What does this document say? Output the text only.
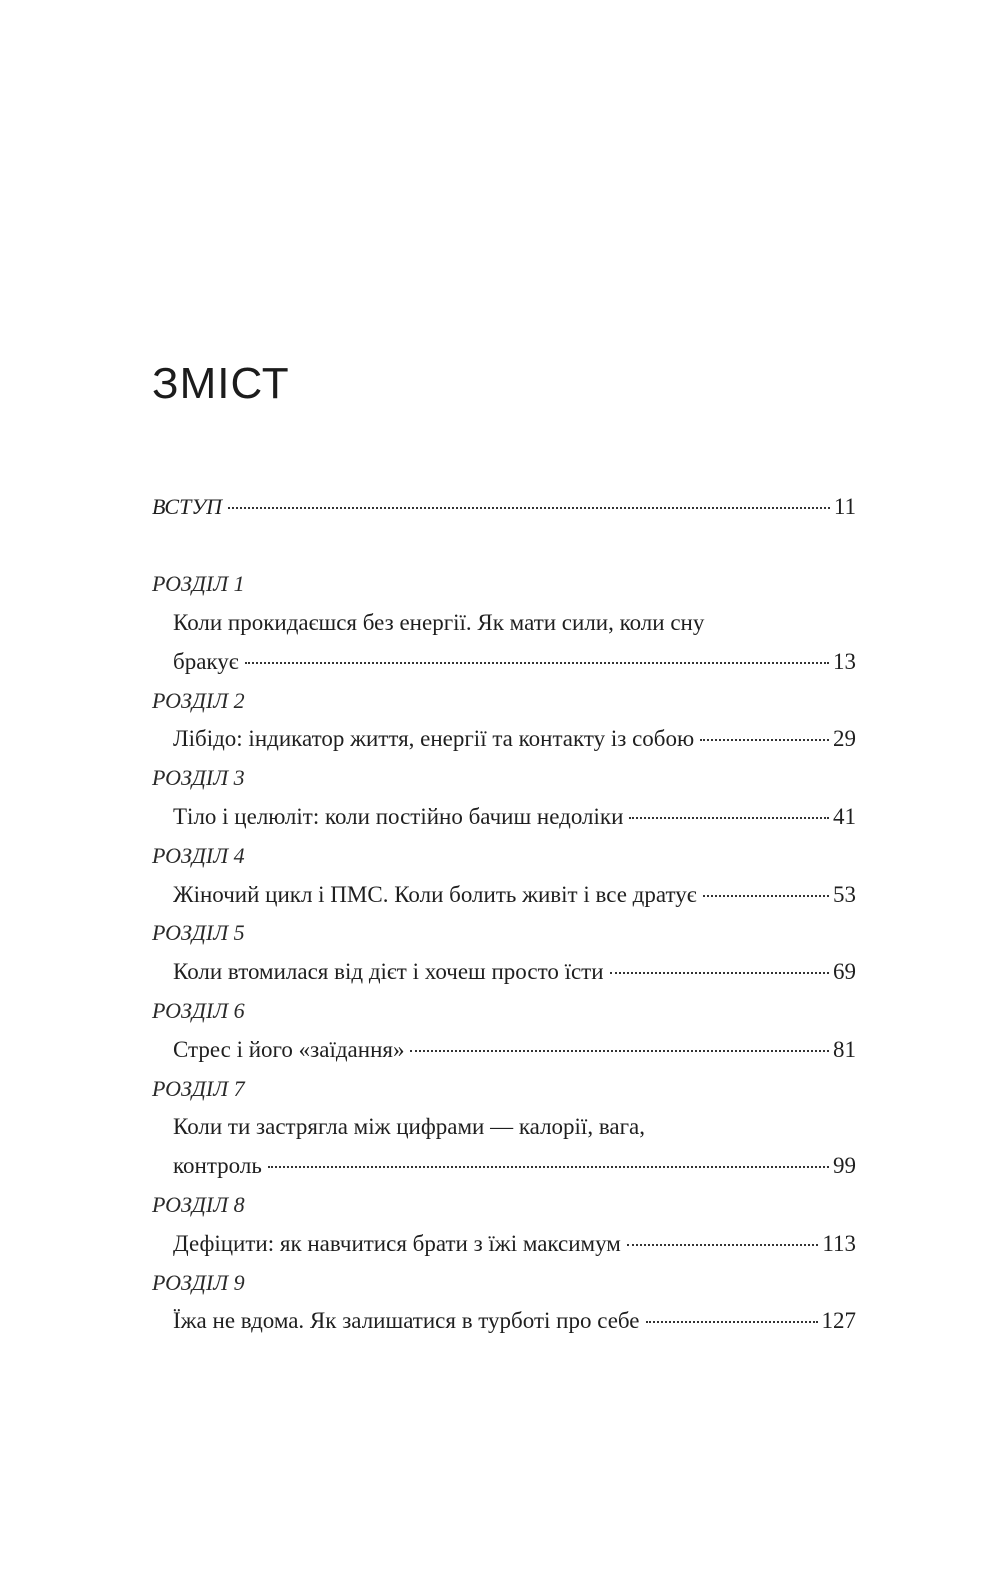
ЗМІСТ
ВСТУП	11
РОЗДІЛ 1
Коли прокидаєшся без енергії. Як мати сили, коли сну
бракує	13
РОЗДІЛ 2
Лібідо: індикатор життя, енергії та контакту із собою	29
РОЗДІЛ 3
Тіло і целюліт: коли постійно бачиш недоліки	41
РОЗДІЛ 4
Жіночий цикл і ПМС. Коли болить живіт і все дратує	53
РОЗДІЛ 5
Коли втомилася від дієт і хочеш просто їсти	69
РОЗДІЛ 6
Стрес і його «заїдання»	81
РОЗДІЛ 7
Коли ти застрягла між цифрами — калорії, вага,
контроль	99
РОЗДІЛ 8
Дефіцити: як навчитися брати з їжі максимум	113
РОЗДІЛ 9
Їжа не вдома. Як залишатися в турботі про себе	127
